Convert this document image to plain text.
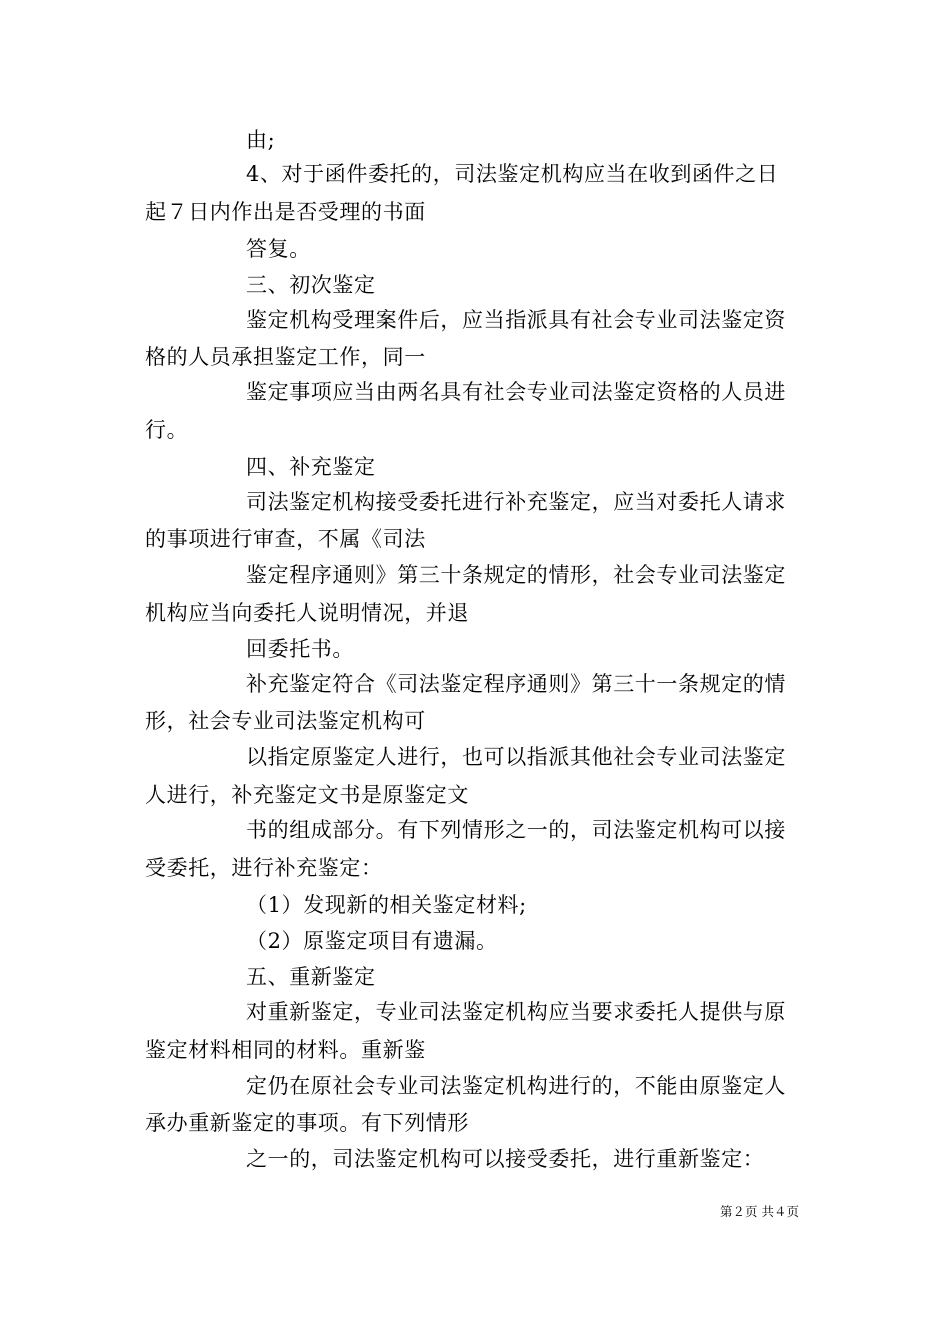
由;
4、对于函件委托的，司法鉴定机构应当在收到函件之日
起７日内作出是否受理的书面
答复。
三、初次鉴定
鉴定机构受理案件后，应当指派具有社会专业司法鉴定资
格的人员承担鉴定工作，同一
鉴定事项应当由两名具有社会专业司法鉴定资格的人员进
行。
四、补充鉴定
司法鉴定机构接受委托进行补充鉴定，应当对委托人请求
的事项进行审查，不属《司法
鉴定程序通则》第三十条规定的情形，社会专业司法鉴定
机构应当向委托人说明情况，并退
回委托书。
补充鉴定符合《司法鉴定程序通则》第三十一条规定的情
形，社会专业司法鉴定机构可
以指定原鉴定人进行，也可以指派其他社会专业司法鉴定
人进行，补充鉴定文书是原鉴定文
书的组成部分。有下列情形之一的，司法鉴定机构可以接
受委托，进行补充鉴定：
（1）发现新的相关鉴定材料;
（2）原鉴定项目有遗漏。
五、重新鉴定
对重新鉴定，专业司法鉴定机构应当要求委托人提供与原
鉴定材料相同的材料。重新鉴
定仍在原社会专业司法鉴定机构进行的，不能由原鉴定人
承办重新鉴定的事项。有下列情形
之一的，司法鉴定机构可以接受委托，进行重新鉴定：
第２页 共４页
